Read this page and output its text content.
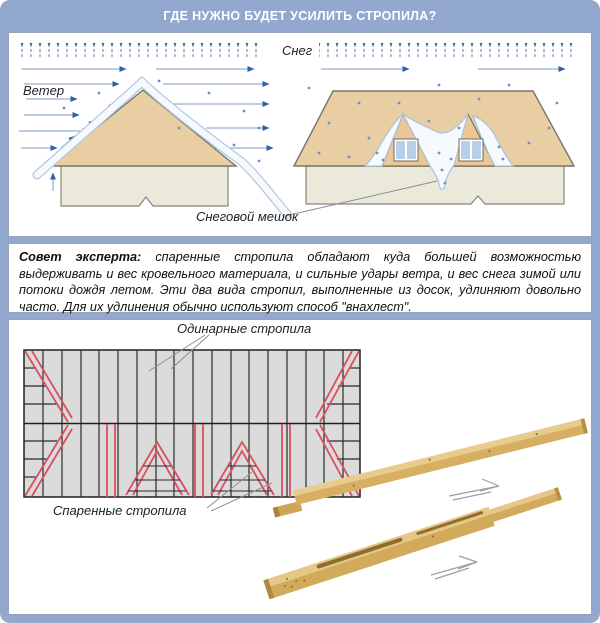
ГДЕ НУЖНО БУДЕТ УСИЛИТЬ СТРОПИЛА?
Ветер
Снег
Снеговой мешок
Совет эксперта: спаренные стропила обладают куда большей возможностью выдерживать и вес кровельного материала, и сильные удары ветра, и вес снега зимой или потоки дождя летом. Эти два вида стропил, выполненные из досок, удлиняют довольно часто. Для их удлинения обычно используют способ "внахлест".
Одинарные стропила
Спаренные стропила
